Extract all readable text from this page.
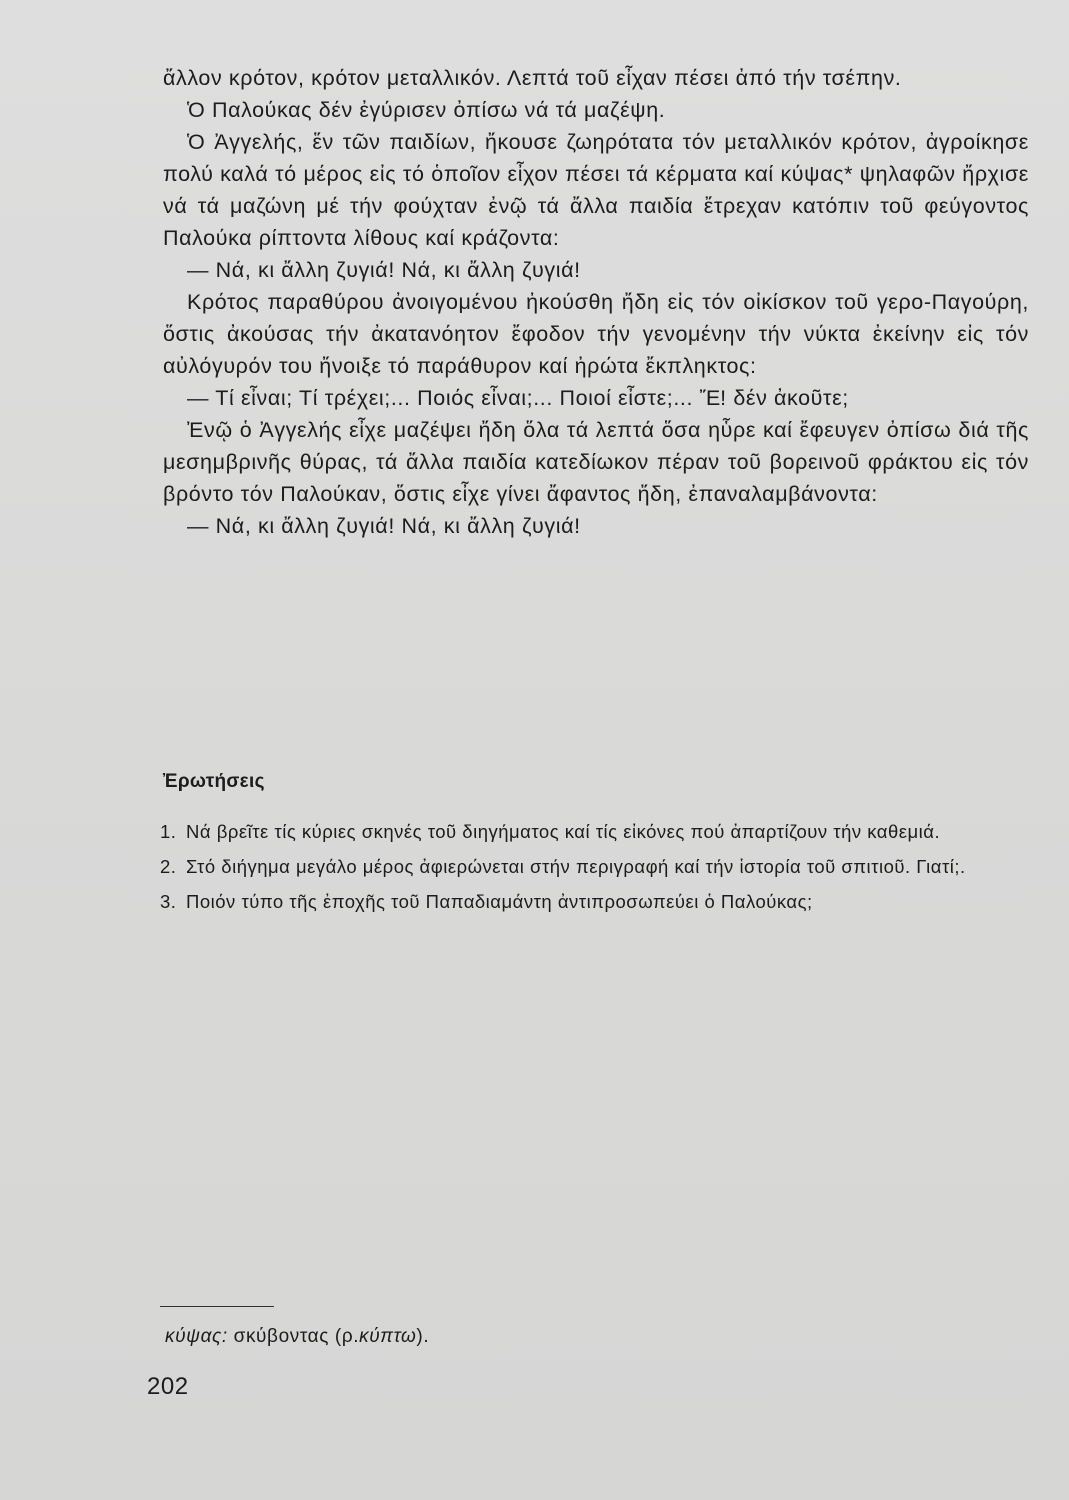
ἄλλον κρότον, κρότον μεταλλικόν. Λεπτά τοῦ εἶχαν πέσει ἀπό τήν τσέπην.

Ὁ Παλούκας δέν ἐγύρισεν ὀπίσω νά τά μαζέψη.

Ὁ Ἀγγελής, ἕν τῶν παιδίων, ἤκουσε ζωηρότατα τόν μεταλλικόν κρότον, ἀγροίκησε πολύ καλά τό μέρος εἰς τό ὁποῖον εἶχον πέσει τά κέρματα καί κύψας* ψηλαφῶν ἤρχισε νά τά μαζώνη μέ τήν φούχταν ἐνῷ τά ἄλλα παιδία ἔτρεχαν κατόπιν τοῦ φεύγοντος Παλούκα ρίπτοντα λίθους καί κράζοντα:

— Νά, κι ἄλλη ζυγιά! Νά, κι ἄλλη ζυγιά!

Κρότος παραθύρου ἀνοιγομένου ἠκούσθη ἤδη εἰς τόν οἰκίσκον τοῦ γερο-Παγούρη, ὅστις ἀκούσας τήν ἀκατανόητον ἔφοδον τήν γενομένην τήν νύκτα ἐκείνην εἰς τόν αὐλόγυρόν του ἤνοιξε τό παράθυρον καί ἠρώτα ἔκπληκτος:

— Τί εἶναι; Τί τρέχει;... Ποιός εἶναι;... Ποιοί εἶστε;... Ἔ! δέν ἀκοῦτε;

Ἐνῷ ὁ Ἀγγελής εἶχε μαζέψει ἤδη ὅλα τά λεπτά ὅσα ηὗρε καί ἔφευγεν ὀπίσω διά τῆς μεσημβρινῆς θύρας, τά ἄλλα παιδία κατεδίωκον πέραν τοῦ βορεινοῦ φράκτου εἰς τόν βρόντο τόν Παλούκαν, ὅστις εἶχε γίνει ἄφαντος ἤδη, ἐπαναλαμβάνοντα:

— Νά, κι ἄλλη ζυγιά! Νά, κι ἄλλη ζυγιά!

Ἐρωτήσεις
1. Νά βρεῖτε τίς κύριες σκηνές τοῦ διηγήματος καί τίς εἰκόνες πού ἀπαρτίζουν τήν καθεμιά.
2. Στό διήγημα μεγάλο μέρος ἀφιερώνεται στήν περιγραφή καί τήν ἱστορία τοῦ σπιτιοῦ. Γιατί;.
3. Ποιόν τύπο τῆς ἐποχῆς τοῦ Παπαδιαμάντη ἀντιπροσωπεύει ὁ Παλούκας;
κύψας: σκύβοντας (ρ.κύπτω).
202
